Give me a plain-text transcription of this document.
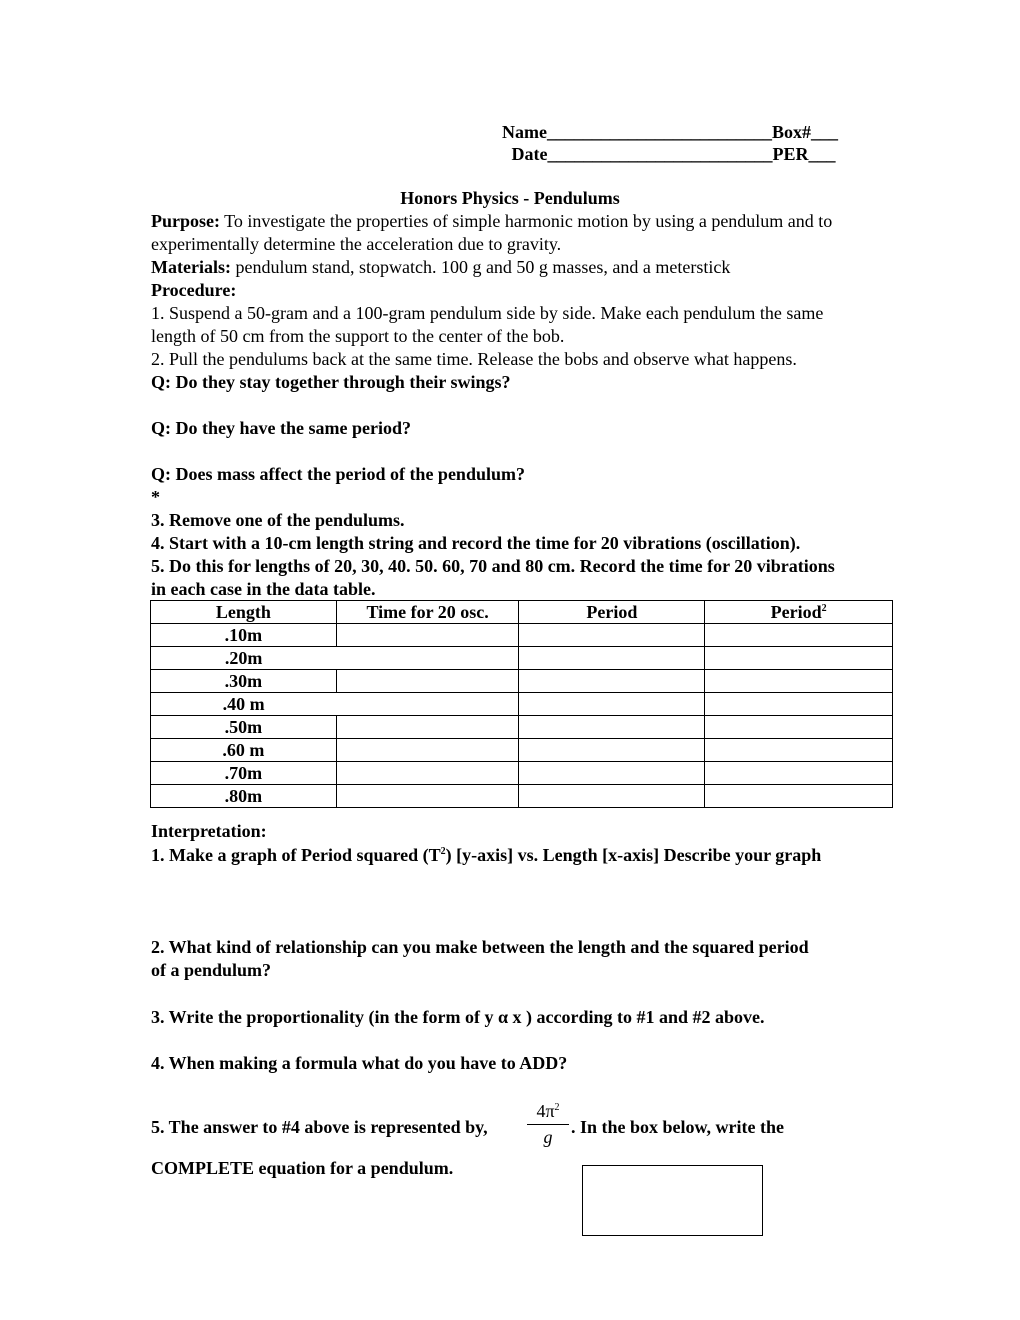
Name_________________________Box#___
Date_________________________PER___
Honors Physics - Pendulums
Purpose: To investigate the properties of simple harmonic motion by using a pendulum and to
experimentally determine the acceleration due to gravity.
Materials: pendulum stand, stopwatch. 100 g and 50 g masses, and a meterstick
Procedure:
1. Suspend a 50-gram and a 100-gram pendulum side by side. Make each pendulum the same
length of 50 cm from the support to the center of the bob.
2. Pull the pendulums back at the same time. Release the bobs and observe what happens.
Q: Do they stay together through their swings?
Q: Do they have the same period?
Q: Does mass affect the period of the pendulum?
*
3. Remove one of the pendulums.
4. Start with a 10-cm length string and record the time for 20 vibrations (oscillation).
5. Do this for lengths of 20, 30, 40. 50. 60, 70 and 80 cm. Record the time for 20 vibrations
in each case in the data table.
Length	Time for 20 osc.	Period	Period$^2$
.10m			
.20m			
.30m			
.40 m			
.50m			
.60 m			
.70m			
.80m			
Interpretation:
1. Make a graph of Period squared $(T^2)$ [y-axis] vs. Length [x-axis] Describe your graph
2. What kind of relationship can you make between the length and the squared period
of a pendulum?
3. Write the proportionality (in the form of y α x ) according to #1 and #2 above.
4. When making a formula what do you have to ADD?
5. The answer to #4 above is represented by,
$4\pi^2$
g	. In the box below, write the
COMPLETE equation for a pendulum.
